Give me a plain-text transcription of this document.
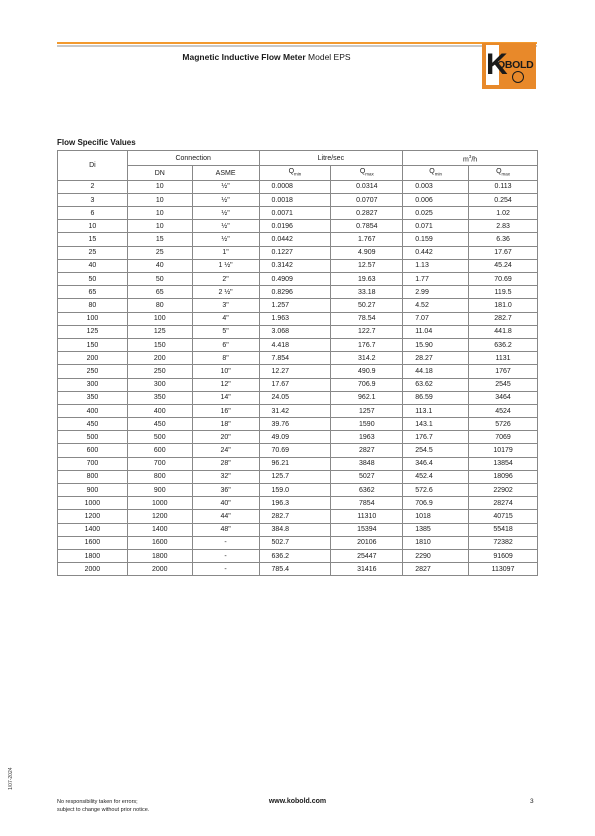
Magnetic Inductive Flow Meter Model EPS	K
OBOLD
Flow Specific Values
Di	Connection		Litre/sec		$m^3/h$	
	DN	ASME	$Q_{min}$	$Q_{max}$	$Q_{min}$	$Q_{max}$
2	10	½"	0.0008	0.0314	0.003	0.113
3	10	½"	0.0018	0.0707	0.006	0.254
6	10	½"	0.0071	0.2827	0.025	1.02
10	10	½"	0.0196	0.7854	0.071	2.83
15	15	½"	0.0442	1.767	0.159	6.36
25	25	1"	0.1227	4.909	0.442	17.67
40	40	1 ½"	0.3142	12.57	1.13	45.24
50	50	2"	0.4909	19.63	1.77	70.69
65	65	2 ½"	0.8296	33.18	2.99	119.5
80	80	3"	1.257	50.27	4.52	181.0
100	100	4"	1.963	78.54	7.07	282.7
125	125	5"	3.068	122.7	11.04	441.8
150	150	6"	4.418	176.7	15.90	636.2
200	200	8"	7.854	314.2	28.27	1131
250	250	10"	12.27	490.9	44.18	1767
300	300	12"	17.67	706.9	63.62	2545
350	350	14"	24.05	962.1	86.59	3464
400	400	16"	31.42	1257	113.1	4524
450	450	18"	39.76	1590	143.1	5726
500	500	20"	49.09	1963	176.7	7069
600	600	24"	70.69	2827	254.5	10179
700	700	28"	96.21	3848	346.4	13854
800	800	32"	125.7	5027	452.4	18096
900	900	36"	159.0	6362	572.6	22902
1000	1000	40"	196.3	7854	706.9	28274
1200	1200	44"	282.7	11310	1018	40715
1400	1400	48"	384.8	15394	1385	55418
1600	1600	-	502.7	20106	1810	72382
1800	1800	-	636.2	25447	2290	91609
2000	2000	-	785.4	31416	2827	113097
1/07-2024
No responsibility taken for errors;
subject to change without prior notice.
www.kobold.com	3
